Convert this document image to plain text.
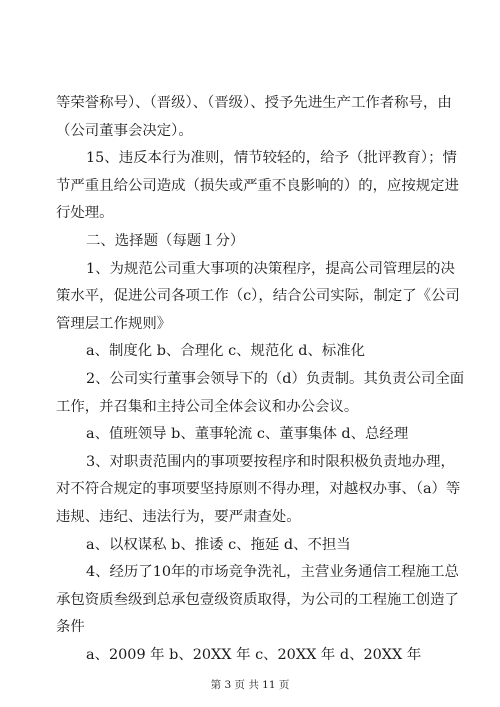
等荣誉称号）、（晋级）、（晋级）、授予先进生产工作者称号，由
（公司董事会决定）。
15、违反本行为准则，情节较轻的，给予（批评教育）；情
节严重且给公司造成（损失或严重不良影响的）的，应按规定进
行处理。
二、选择题（每题１分）
1、为规范公司重大事项的决策程序，提高公司管理层的决
策水平，促进公司各项工作（c），结合公司实际，制定了《公司
管理层工作规则》
a、制度化 b、合理化 c、规范化 d、标准化
2、公司实行董事会领导下的（d）负责制。其负责公司全面
工作，并召集和主持公司全体会议和办公会议。
a、值班领导 b、董事轮流 c、董事集体 d、总经理
3、对职责范围内的事项要按程序和时限积极负责地办理，
对不符合规定的事项要坚持原则不得办理，对越权办事、（a）等
违规、违纪、违法行为，要严肃查处。
a、以权谋私 b、推诿 c、拖延 d、不担当
4、经历了10年的市场竞争洗礼，主营业务通信工程施工总
承包资质叁级到总承包壹级资质取得，为公司的工程施工创造了
条件
a、2009 年 b、20XX 年 c、20XX 年 d、20XX 年
第 3 页 共 11 页
